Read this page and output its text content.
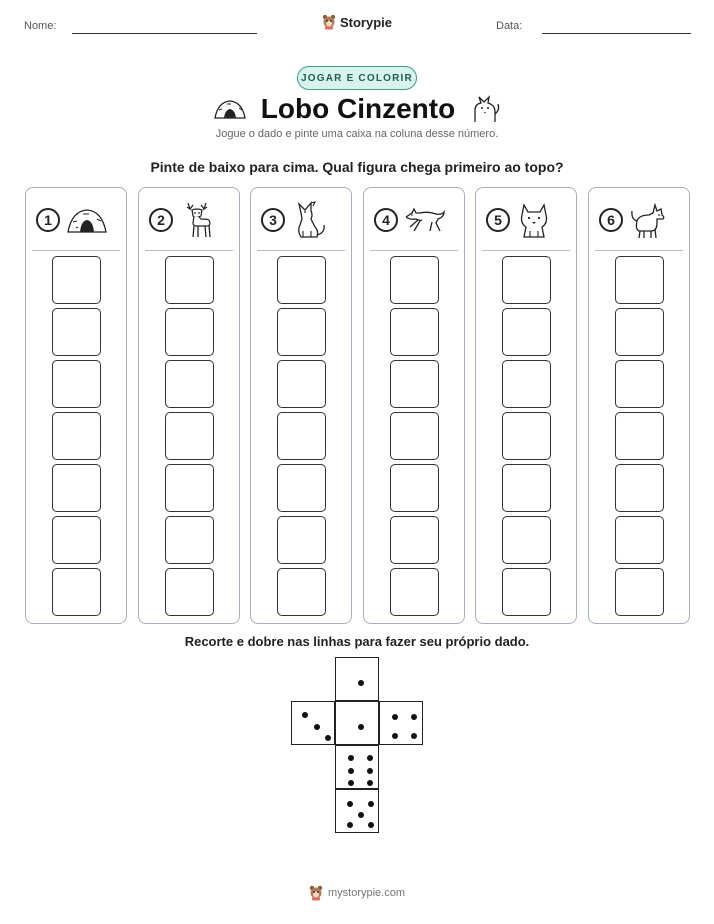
Nome:	Storypie	Data:
JOGAR E COLORIR
Lobo Cinzento
Jogue o dado e pinte uma caixa na coluna desse número.
Pinte de baixo para cima. Qual figura chega primeiro ao topo?
1	2	3	4	5	6
Recorte e dobre nas linhas para fazer seu próprio dado.
mystorypie.com
